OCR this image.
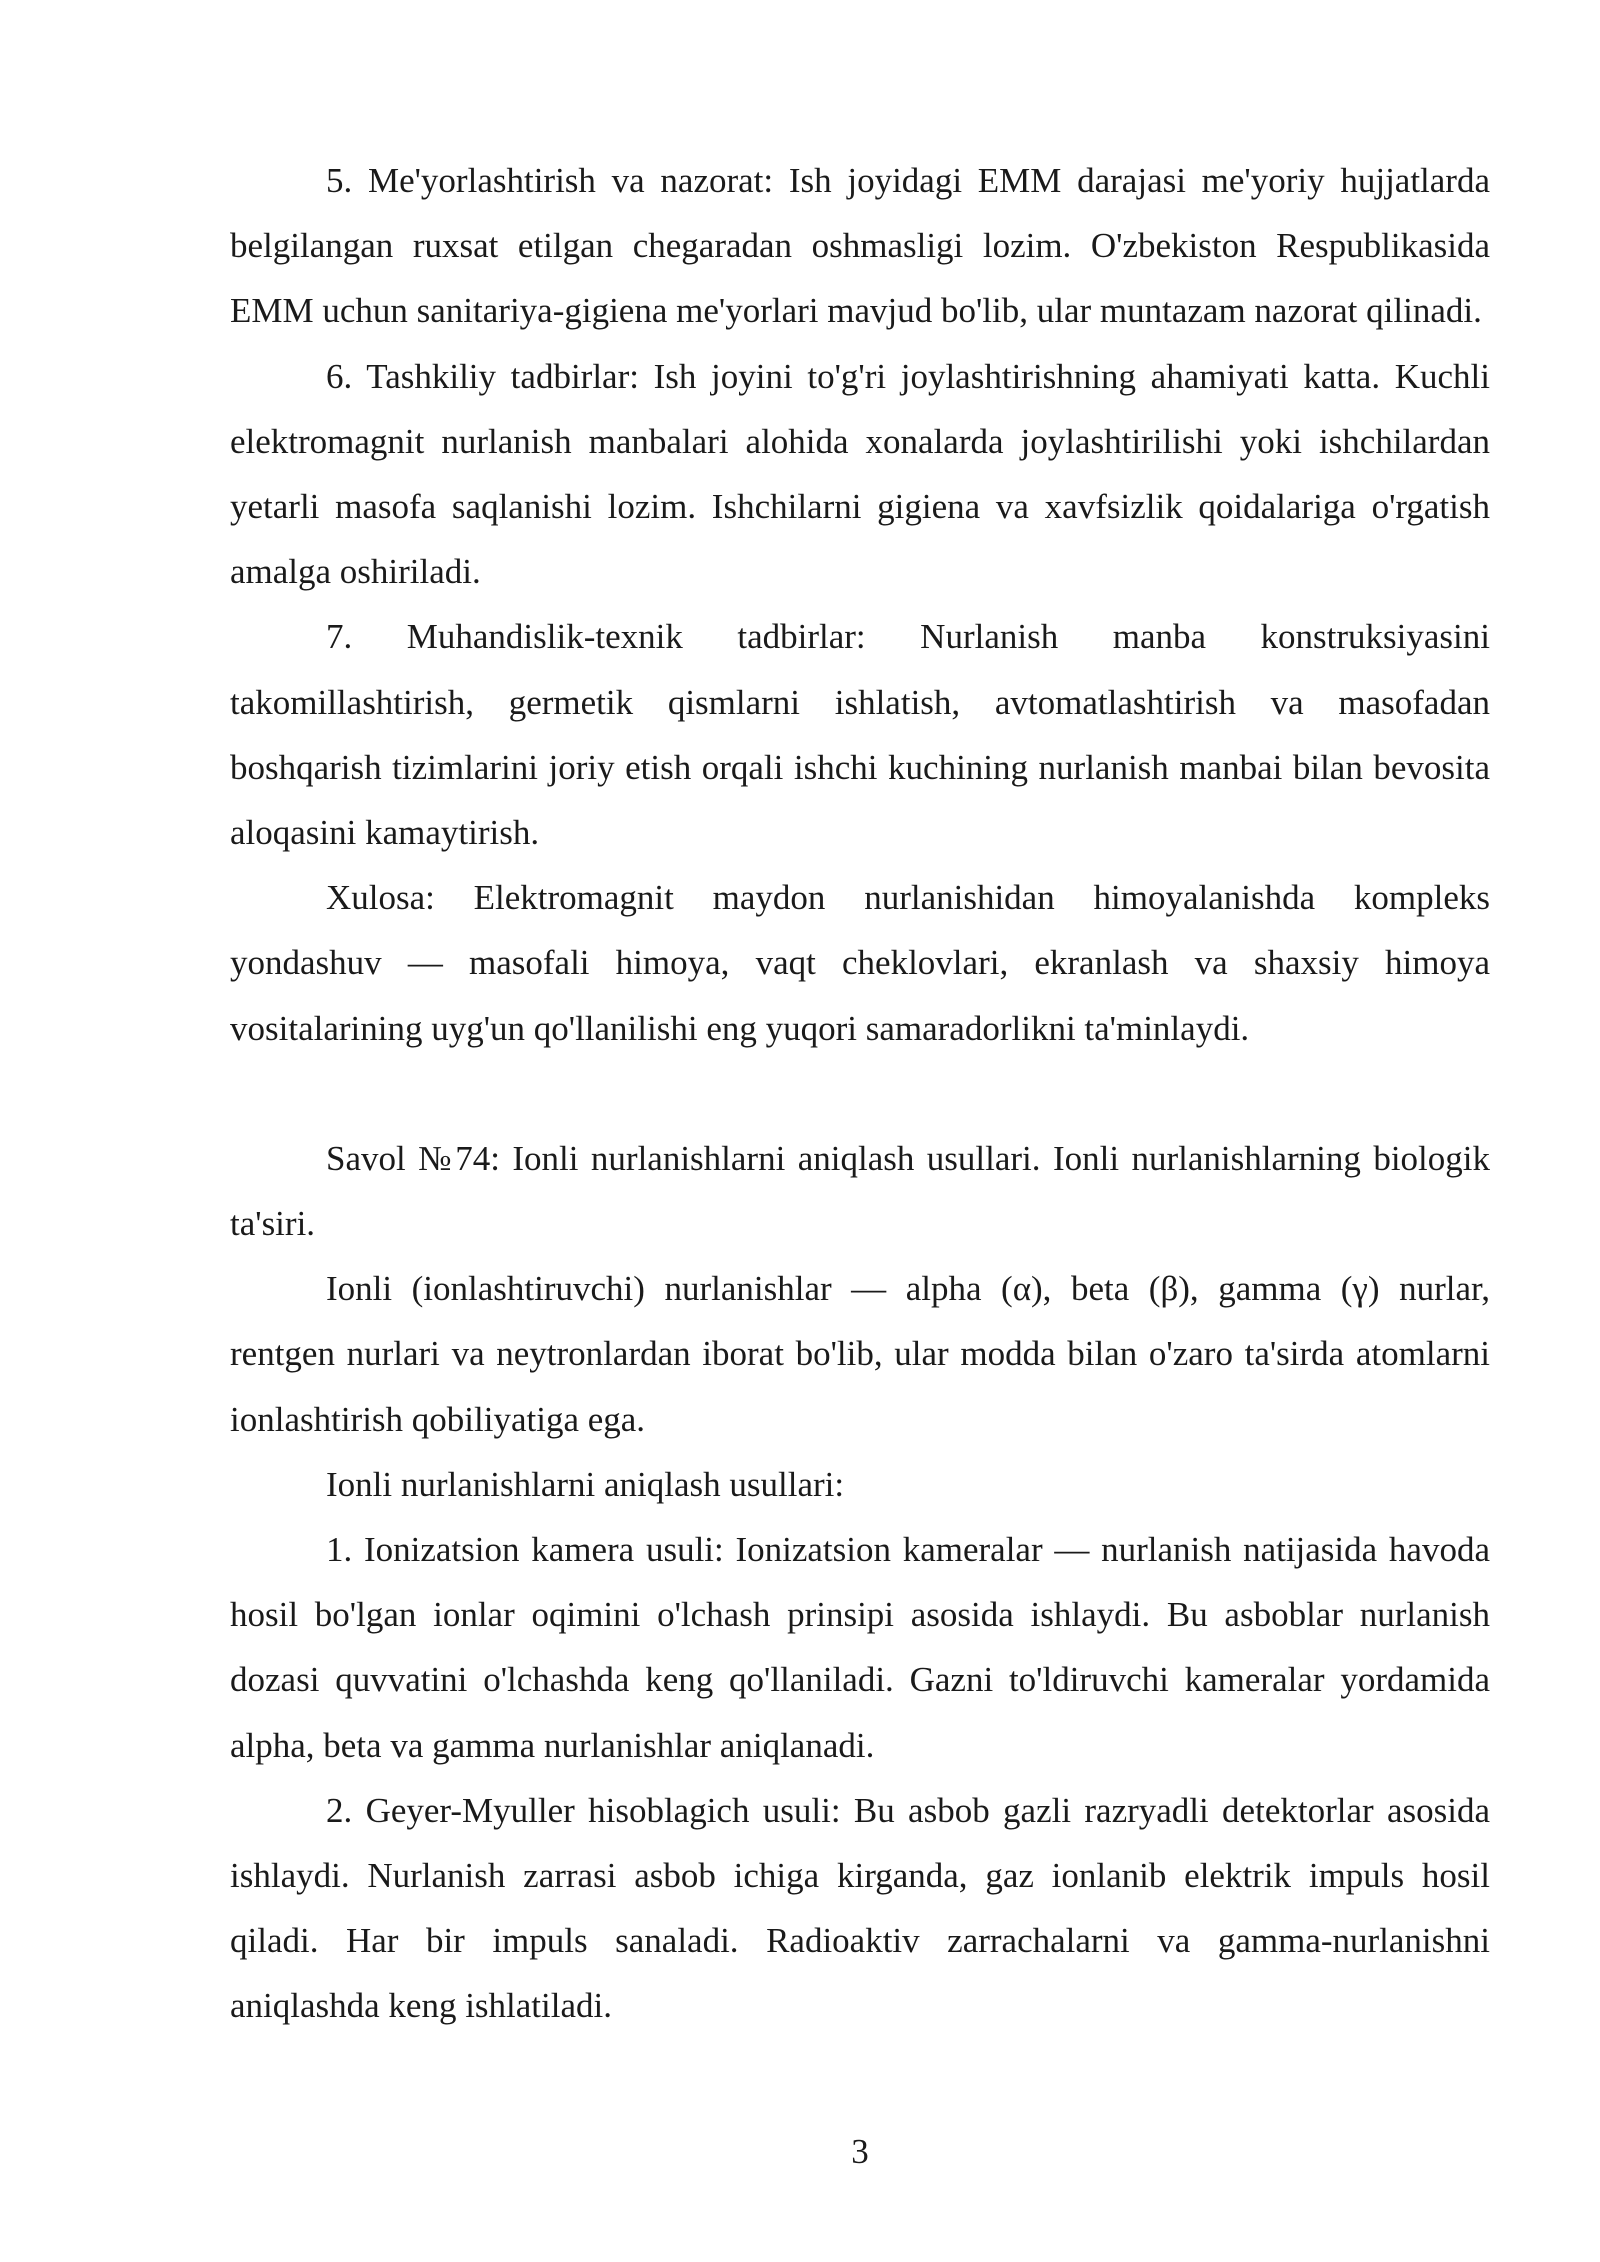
5. Me'yorlashtirish va nazorat: Ish joyidagi EMM darajasi me'yoriy hujjatlarda belgilangan ruxsat etilgan chegaradan oshmasligi lozim. O'zbekiston Respublikasida EMM uchun sanitariya-gigiena me'yorlari mavjud bo'lib, ular muntazam nazorat qilinadi.

6. Tashkiliy tadbirlar: Ish joyini to'g'ri joylashtirishning ahamiyati katta. Kuchli elektromagnit nurlanish manbalari alohida xonalarda joylashtirilishi yoki ishchilardan yetarli masofa saqlanishi lozim. Ishchilarni gigiena va xavfsizlik qoidalariga o'rgatish amalga oshiriladi.

7. Muhandislik-texnik tadbirlar: Nurlanish manba konstruksiyasini takomillashtirish, germetik qismlarni ishlatish, avtomatlashtirish va masofadan boshqarish tizimlarini joriy etish orqali ishchi kuchining nurlanish manbai bilan bevosita aloqasini kamaytirish.

Xulosa: Elektromagnit maydon nurlanishidan himoyalanishda kompleks yondashuv — masofali himoya, vaqt cheklovlari, ekranlash va shaxsiy himoya vositalarining uyg'un qo'llanilishi eng yuqori samaradorlikni ta'minlaydi.

Savol №74: Ionli nurlanishlarni aniqlash usullari. Ionli nurlanishlarning biologik ta'siri.

Ionli (ionlashtiruvchi) nurlanishlar — alpha (α), beta (β), gamma (γ) nurlar, rentgen nurlari va neytronlardan iborat bo'lib, ular modda bilan o'zaro ta'sirda atomlarni ionlashtirish qobiliyatiga ega.

Ionli nurlanishlarni aniqlash usullari:

1. Ionizatsion kamera usuli: Ionizatsion kameralar — nurlanish natijasida havoda hosil bo'lgan ionlar oqimini o'lchash prinsipi asosida ishlaydi. Bu asboblar nurlanish dozasi quvvatini o'lchashda keng qo'llaniladi. Gazni to'ldiruvchi kameralar yordamida alpha, beta va gamma nurlanishlar aniqlanadi.

2. Geyer-Myuller hisoblagich usuli: Bu asbob gazli razryadli detektorlar asosida ishlaydi. Nurlanish zarrasi asbob ichiga kirganda, gaz ionlanib elektrik impuls hosil qiladi. Har bir impuls sanaladi. Radioaktiv zarrachalarni va gamma-nurlanishni aniqlashda keng ishlatiladi.

3
